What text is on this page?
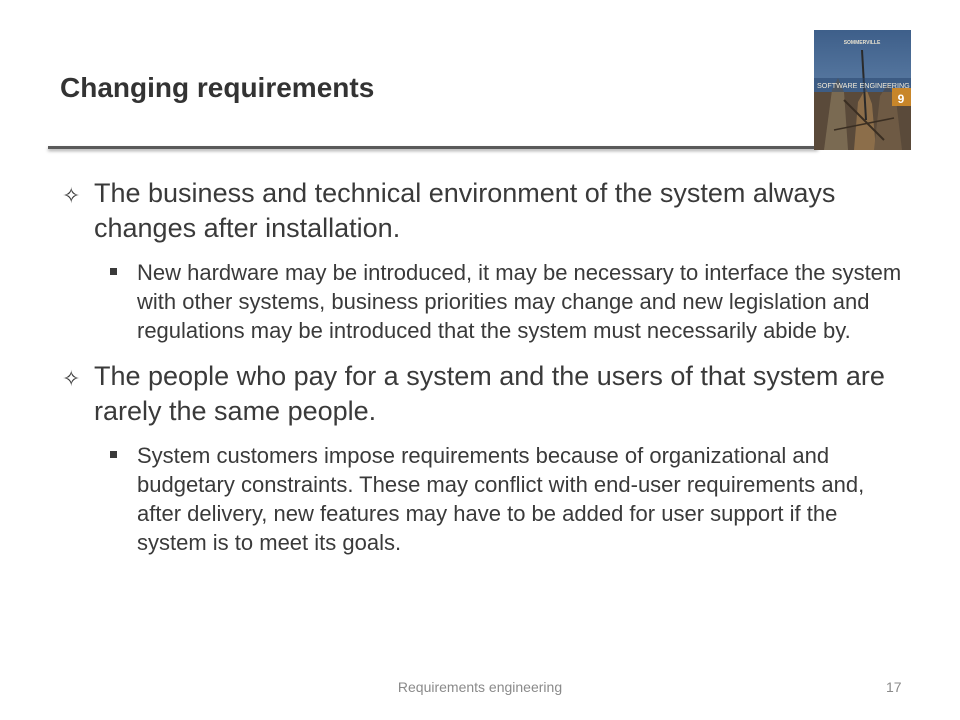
Changing requirements
SOMMERVILLE
SOFTWARE ENGINEERING
9

✧ The business and technical environment of the system always changes after installation.

New hardware may be introduced, it may be necessary to interface the system with other systems, business priorities may change and new legislation and regulations may be introduced that the system must necessarily abide by.

✧ The people who pay for a system and the users of that system are rarely the same people.

System customers impose requirements because of organizational and budgetary constraints. These may conflict with end-user requirements and, after delivery, new features may have to be added for user support if the system is to meet its goals.

Requirements engineering	17
